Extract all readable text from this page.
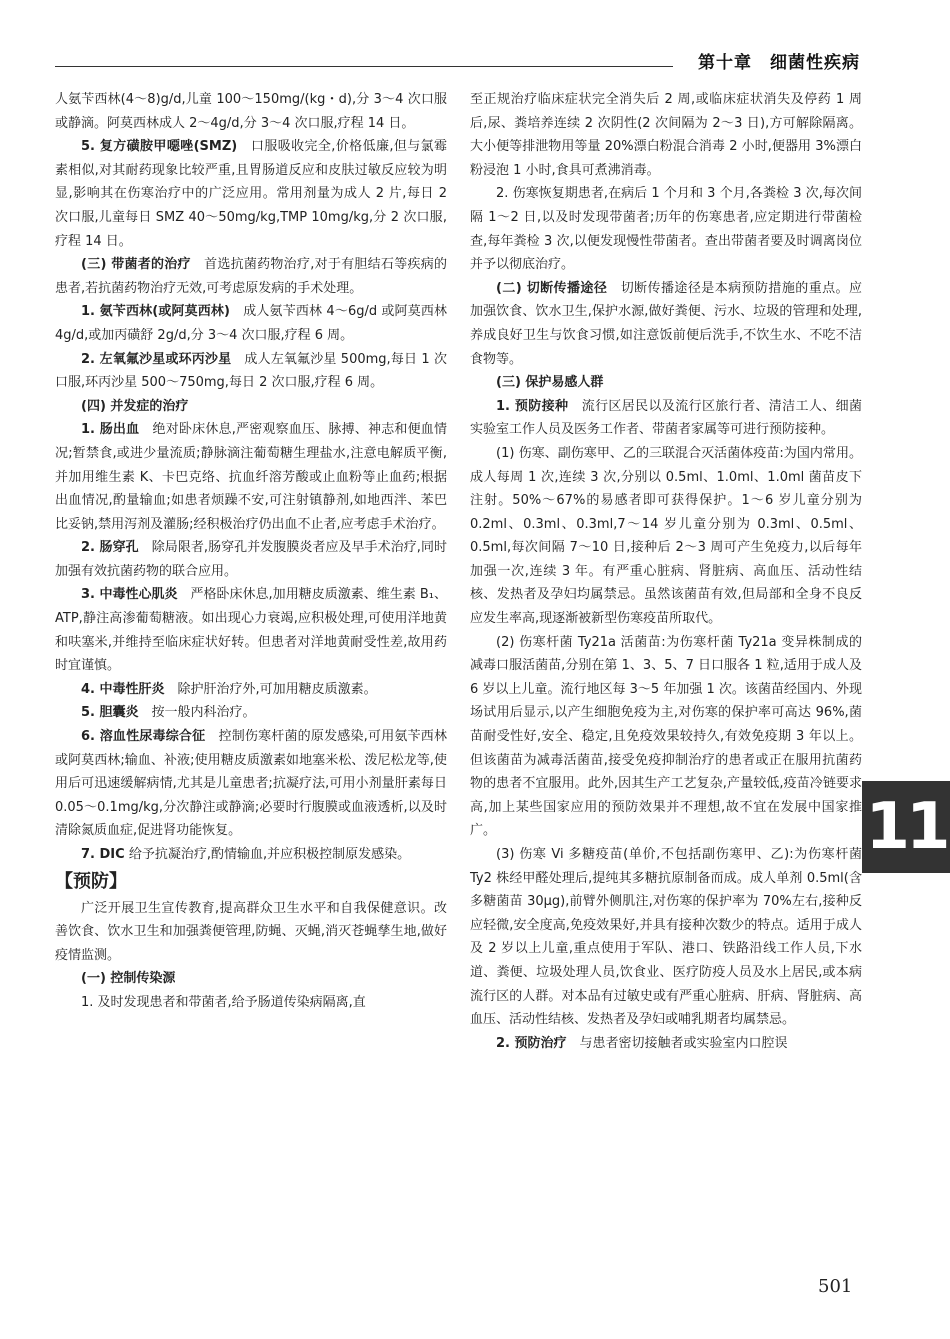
第十章 细菌性疾病

人氨苄西林(4～8)g/d,儿童 100～150mg/(kg・d),分 3～4 次口服或静滴。阿莫西林成人 2～4g/d,分 3～4 次口服,疗程 14 日。

5. 复方磺胺甲噁唑(SMZ)　口服吸收完全,价格低廉,但与氯霉素相似,对其耐药现象比较严重,且胃肠道反应和皮肤过敏反应较为明显,影响其在伤寒治疗中的广泛应用。常用剂量为成人 2 片,每日 2 次口服,儿童每日 SMZ 40～50mg/kg,TMP 10mg/kg,分 2 次口服,疗程 14 日。

(三) 带菌者的治疗　首选抗菌药物治疗,对于有胆结石等疾病的患者,若抗菌药物治疗无效,可考虑原发病的手术处理。

1. 氨苄西林(或阿莫西林)　成人氨苄西林 4～6g/d 或阿莫西林 4g/d,或加丙磺舒 2g/d,分 3～4 次口服,疗程 6 周。

2. 左氧氟沙星或环丙沙星　成人左氧氟沙星 500mg,每日 1 次口服,环丙沙星 500～750mg,每日 2 次口服,疗程 6 周。

(四) 并发症的治疗

1. 肠出血　绝对卧床休息,严密观察血压、脉搏、神志和便血情况;暂禁食,或进少量流质;静脉滴注葡萄糖生理盐水,注意电解质平衡,并加用维生素 K、卡巴克络、抗血纤溶芳酸或止血粉等止血药;根据出血情况,酌量输血;如患者烦躁不安,可注射镇静剂,如地西泮、苯巴比妥钠,禁用泻剂及灌肠;经积极治疗仍出血不止者,应考虑手术治疗。

2. 肠穿孔　除局限者,肠穿孔并发腹膜炎者应及早手术治疗,同时加强有效抗菌药物的联合应用。

3. 中毒性心肌炎　严格卧床休息,加用糖皮质激素、维生素 B₁、ATP,静注高渗葡萄糖液。如出现心力衰竭,应积极处理,可使用洋地黄和呋塞米,并维持至临床症状好转。但患者对洋地黄耐受性差,故用药时宜谨慎。

4. 中毒性肝炎　除护肝治疗外,可加用糖皮质激素。

5. 胆囊炎　按一般内科治疗。

6. 溶血性尿毒综合征　控制伤寒杆菌的原发感染,可用氨苄西林或阿莫西林;输血、补液;使用糖皮质激素如地塞米松、泼尼松龙等,使用后可迅速缓解病情,尤其是儿童患者;抗凝疗法,可用小剂量肝素每日 0.05～0.1mg/kg,分次静注或静滴;必要时行腹膜或血液透析,以及时清除氮质血症,促进肾功能恢复。

7. DIC 给予抗凝治疗,酌情输血,并应积极控制原发感染。

【预防】

广泛开展卫生宣传教育,提高群众卫生水平和自我保健意识。改善饮食、饮水卫生和加强粪便管理,防蝇、灭蝇,消灭苍蝇孳生地,做好疫情监测。

(一) 控制传染源

1. 及时发现患者和带菌者,给予肠道传染病隔离,直

至正规治疗临床症状完全消失后 2 周,或临床症状消失及停药 1 周后,尿、粪培养连续 2 次阴性(2 次间隔为 2～3 日),方可解除隔离。大小便等排泄物用等量 20%漂白粉混合消毒 2 小时,便器用 3%漂白粉浸泡 1 小时,食具可煮沸消毒。

2. 伤寒恢复期患者,在病后 1 个月和 3 个月,各粪检 3 次,每次间隔 1～2 日,以及时发现带菌者;历年的伤寒患者,应定期进行带菌检查,每年粪检 3 次,以便发现慢性带菌者。查出带菌者要及时调离岗位并予以彻底治疗。

(二) 切断传播途径　切断传播途径是本病预防措施的重点。应加强饮食、饮水卫生,保护水源,做好粪便、污水、垃圾的管理和处理,养成良好卫生与饮食习惯,如注意饭前便后洗手,不饮生水、不吃不洁食物等。

(三) 保护易感人群

1. 预防接种　流行区居民以及流行区旅行者、清洁工人、细菌实验室工作人员及医务工作者、带菌者家属等可进行预防接种。

(1) 伤寒、副伤寒甲、乙的三联混合灭活菌体疫苗:为国内常用。成人每周 1 次,连续 3 次,分别以 0.5ml、1.0ml、1.0ml 菌苗皮下注射。50%～67%的易感者即可获得保护。1～6 岁儿童分别为 0.2ml、0.3ml、0.3ml,7～14 岁儿童分别为 0.3ml、0.5ml、0.5ml,每次间隔 7～10 日,接种后 2～3 周可产生免疫力,以后每年加强一次,连续 3 年。有严重心脏病、肾脏病、高血压、活动性结核、发热者及孕妇均属禁忌。虽然该菌苗有效,但局部和全身不良反应发生率高,现逐渐被新型伤寒疫苗所取代。

(2) 伤寒杆菌 Ty21a 活菌苗:为伤寒杆菌 Ty21a 变异株制成的减毒口服活菌苗,分别在第 1、3、5、7 日口服各 1 粒,适用于成人及 6 岁以上儿童。流行地区每 3～5 年加强 1 次。该菌苗经国内、外现场试用后显示,以产生细胞免疫为主,对伤寒的保护率可高达 96%,菌苗耐受性好,安全、稳定,且免疫效果较持久,有效免疫期 3 年以上。但该菌苗为减毒活菌苗,接受免疫抑制治疗的患者或正在服用抗菌药物的患者不宜服用。此外,因其生产工艺复杂,产量较低,疫苗冷链要求高,加上某些国家应用的预防效果并不理想,故不宜在发展中国家推广。

(3) 伤寒 Vi 多糖疫苗(单价,不包括副伤寒甲、乙):为伤寒杆菌 Ty2 株经甲醛处理后,提纯其多糖抗原制备而成。成人单剂 0.5ml(含多糖菌苗 30μg),前臂外侧肌注,对伤寒的保护率为 70%左右,接种反应轻微,安全度高,免疫效果好,并具有接种次数少的特点。适用于成人及 2 岁以上儿童,重点使用于军队、港口、铁路沿线工作人员,下水道、粪便、垃圾处理人员,饮食业、医疗防疫人员及水上居民,或本病流行区的人群。对本品有过敏史或有严重心脏病、肝病、肾脏病、高血压、活动性结核、发热者及孕妇或哺乳期者均属禁忌。

2. 预防治疗　与患者密切接触者或实验室内口腔误

11
501
